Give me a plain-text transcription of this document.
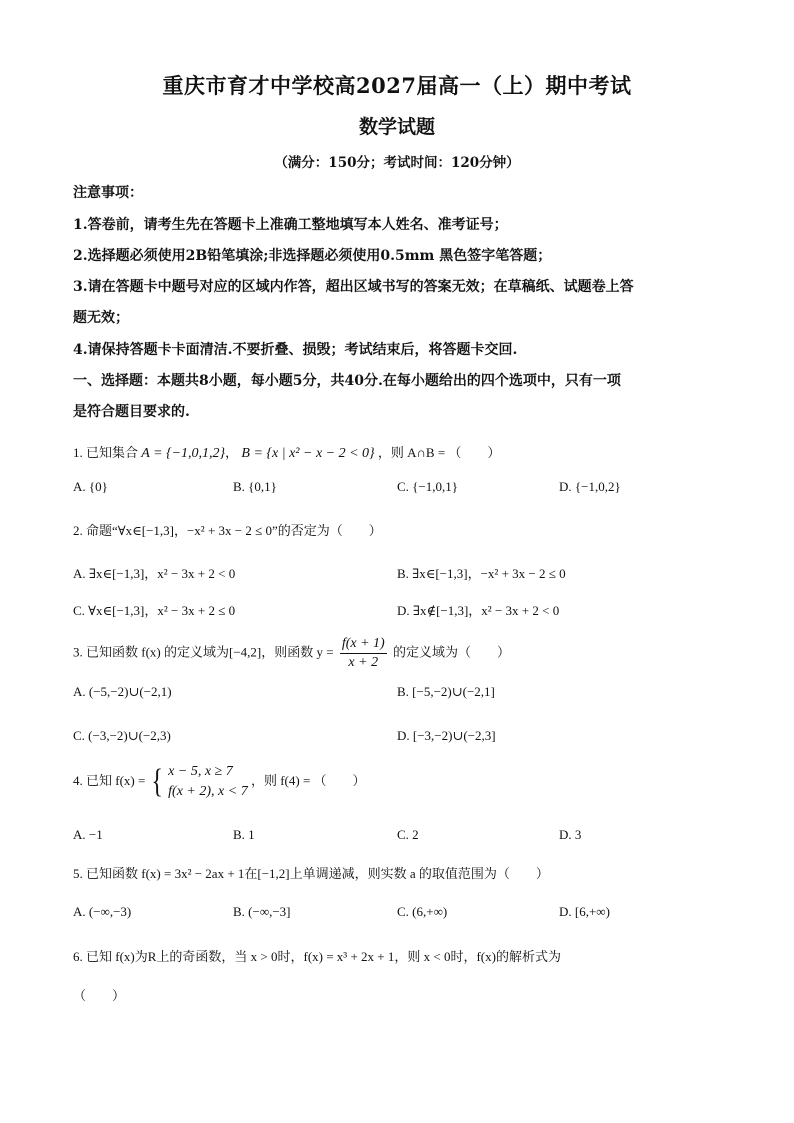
重庆市育才中学校高2027届高一（上）期中考试
数学试题
（满分：150分；考试时间：120分钟）
注意事项：
1.答卷前，请考生先在答题卡上准确工整地填写本人姓名、准考证号；
2.选择题必须使用2B铅笔填涂;非选择题必须使用0.5mm 黑色签字笔答题；
3.请在答题卡中题号对应的区域内作答，超出区域书写的答案无效；在草稿纸、试题卷上答
题无效；
4.请保持答题卡卡面清洁.不要折叠、损毁；考试结束后，将答题卡交回.
一、选择题：本题共8小题，每小题5分，共40分.在每小题给出的四个选项中，只有一项
是符合题目要求的.
1. 已知集合 A = {−1,0,1,2}， B = {x | x² − x − 2 < 0} ，则 A∩B = （　　）
A. {0}	B. {0,1}	C. {−1,0,1}	D. {−1,0,2}
2. 命题“∀x∈[−1,3]，−x² + 3x − 2 ≤ 0”的否定为（　　）
A. ∃x∈[−1,3]，x² − 3x + 2 < 0	B. ∃x∈[−1,3]，−x² + 3x − 2 ≤ 0
C. ∀x∈[−1,3]，x² − 3x + 2 ≤ 0	D. ∃x∉[−1,3]，x² − 3x + 2 < 0
3. 已知函数 f(x) 的定义域为[−4,2]，则函数 $y = \frac{f(x + 1)}{x + 2}$ 的定义域为（　　）
A. (−5,−2)∪(−2,1)	B. [−5,−2)∪(−2,1]
C. (−3,−2)∪(−2,3)	D. [−3,−2)∪(−2,3]
4. 已知 f(x) = { x − 5, x ≥ 7
f(x + 2), x < 7
，则 f(4) = （　　）
A. −1	B. 1	C. 2	D. 3
5. 已知函数 f(x) = 3x² − 2ax + 1在[−1,2]上单调递减，则实数 a 的取值范围为（　　）
A. (−∞,−3)	B. (−∞,−3]	C. (6,+∞)	D. [6,+∞)
6. 已知 f(x)为R上的奇函数，当 x > 0时，f(x) = x³ + 2x + 1，则 x < 0时，f(x)的解析式为
（　　）
